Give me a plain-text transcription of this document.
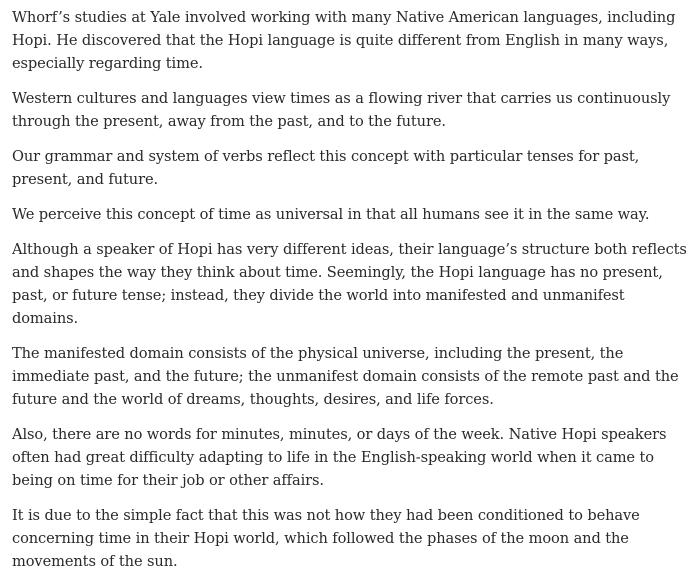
Whorf’s studies at Yale involved working with many Native American languages, including Hopi. He discovered that the Hopi language is quite different from English in many ways, especially regarding time.

Western cultures and languages view times as a flowing river that carries us continuously through the present, away from the past, and to the future.

Our grammar and system of verbs reflect this concept with particular tenses for past, present, and future.

We perceive this concept of time as universal in that all humans see it in the same way.

Although a speaker of Hopi has very different ideas, their language’s structure both reflects and shapes the way they think about time. Seemingly, the Hopi language has no present, past, or future tense; instead, they divide the world into manifested and unmanifest domains.

The manifested domain consists of the physical universe, including the present, the immediate past, and the future; the unmanifest domain consists of the remote past and the future and the world of dreams, thoughts, desires, and life forces.

Also, there are no words for minutes, minutes, or days of the week. Native Hopi speakers often had great difficulty adapting to life in the English-speaking world when it came to being on time for their job or other affairs.

It is due to the simple fact that this was not how they had been conditioned to behave concerning time in their Hopi world, which followed the phases of the moon and the movements of the sun.
